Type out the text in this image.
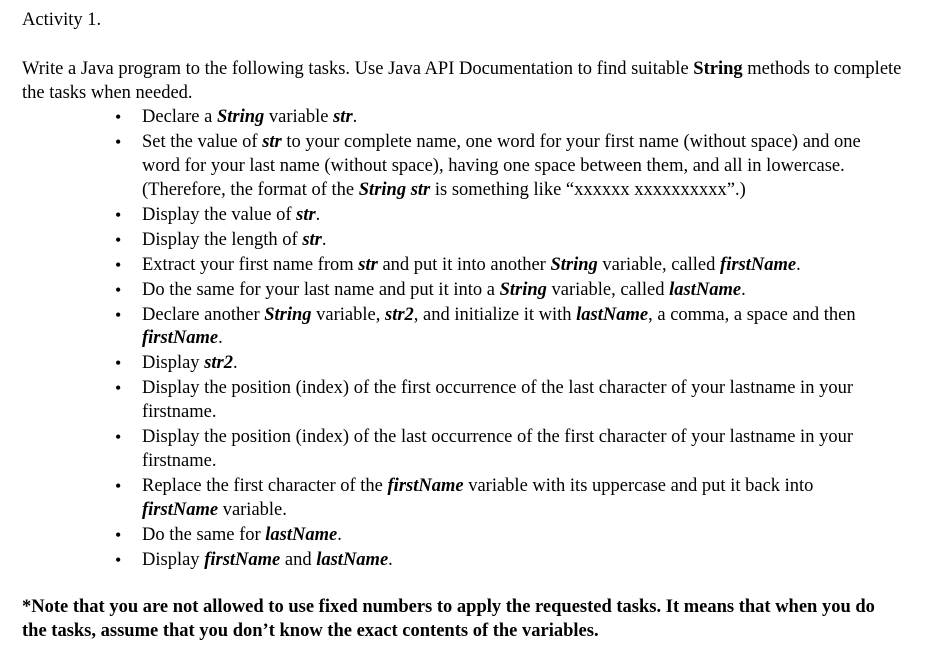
Activity 1.

Write a Java program to the following tasks. Use Java API Documentation to find suitable String methods to complete the tasks when needed.

•	Declare a String variable str.
•	Set the value of str to your complete name, one word for your first name (without space) and one word for your last name (without space), having one space between them, and all in lowercase. (Therefore, the format of the String str is something like “xxxxxx xxxxxxxxxx”.)
•	Display the value of str.
•	Display the length of str.
•	Extract your first name from str and put it into another String variable, called firstName.
•	Do the same for your last name and put it into a String variable, called lastName.
•	Declare another String variable, str2, and initialize it with lastName, a comma, a space and then firstName.
•	Display str2.
•	Display the position (index) of the first occurrence of the last character of your lastname in your firstname.
•	Display the position (index) of the last occurrence of the first character of your lastname in your firstname.
•	Replace the first character of the firstName variable with its uppercase and put it back into firstName variable.
•	Do the same for lastName.
•	Display firstName and lastName.

*Note that you are not allowed to use fixed numbers to apply the requested tasks. It means that when you do the tasks, assume that you don’t know the exact contents of the variables.
